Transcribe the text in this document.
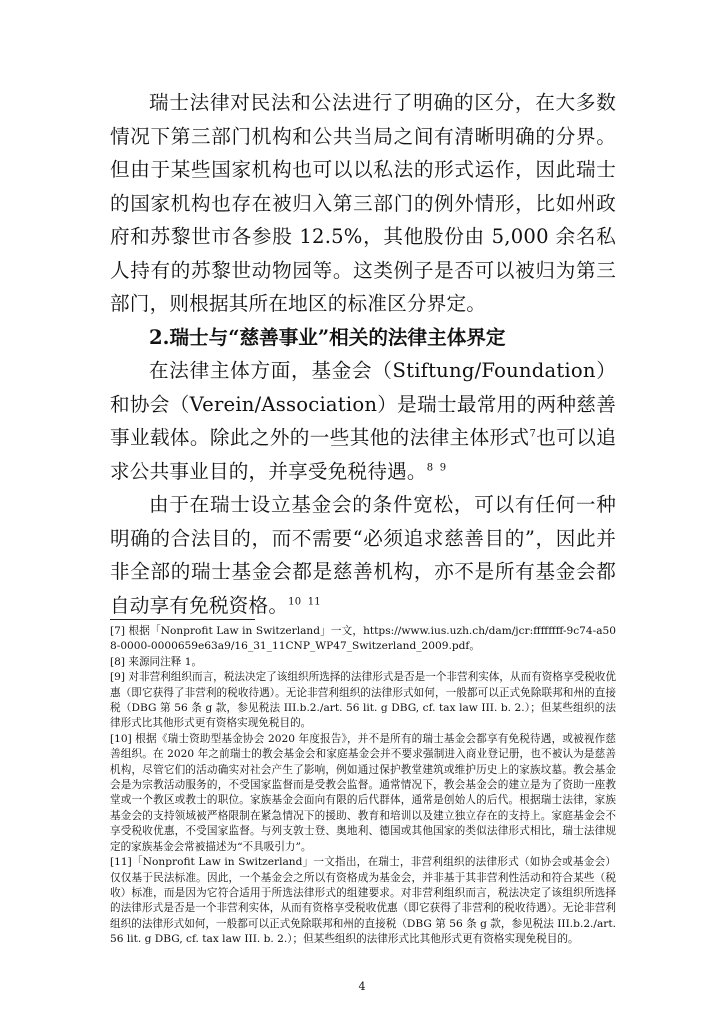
瑞士法律对民法和公法进行了明确的区分，在大多数情况下第三部门机构和公共当局之间有清晰明确的分界。但由于某些国家机构也可以以私法的形式运作，因此瑞士的国家机构也存在被归入第三部门的例外情形，比如州政府和苏黎世市各参股 12.5%，其他股份由 5,000 余名私人持有的苏黎世动物园等。这类例子是否可以被归为第三部门，则根据其所在地区的标准区分界定。

2.瑞士与“慈善事业”相关的法律主体界定

在法律主体方面，基金会（Stiftung/Foundation）和协会（Verein/Association）是瑞士最常用的两种慈善事业载体。除此之外的一些其他的法律主体形式$^7$也可以追求公共事业目的，并享受免税待遇。$^8$ $^9$

由于在瑞士设立基金会的条件宽松，可以有任何一种明确的合法目的，而不需要“必须追求慈善目的”，因此并非全部的瑞士基金会都是慈善机构，亦不是所有基金会都自动享有免税资格。$^{10}$ $^{11}$

[7] 根据「Nonprofit Law in Switzerland」一文，https://www.ius.uzh.ch/dam/jcr:ffffffff-9c74-a508-0000-0000659e63a9/16_31_11CNP_WP47_Switzerland_2009.pdf。

[8] 来源同注释 1。

[9] 对非营利组织而言，税法决定了该组织所选择的法律形式是否是一个非营利实体，从而有资格享受税收优惠（即它获得了非营利的税收待遇）。无论非营利组织的法律形式如何，一般都可以正式免除联邦和州的直接税（DBG 第 56 条 g 款，参见税法 III.b.2./art. 56 lit. g DBG, cf. tax law III. b. 2.）；但某些组织的法律形式比其他形式更有资格实现免税目的。

[10] 根据《瑞士资助型基金协会 2020 年度报告》，并不是所有的瑞士基金会都享有免税待遇，或被视作慈善组织。在 2020 年之前瑞士的教会基金会和家庭基金会并不要求强制进入商业登记册，也不被认为是慈善机构，尽管它们的活动确实对社会产生了影响，例如通过保护教堂建筑或维护历史上的家族坟墓。教会基金会是为宗教活动服务的，不受国家监督而是受教会监督。通常情况下，教会基金会的建立是为了资助一座教堂或一个教区或教士的职位。家族基金会面向有限的后代群体，通常是创始人的后代。根据瑞士法律，家族基金会的支持领域被严格限制在紧急情况下的援助、教育和培训以及建立独立存在的支持上。家庭基金会不享受税收优惠，不受国家监督。与列支敦士登、奥地利、德国或其他国家的类似法律形式相比，瑞士法律规定的家族基金会常被描述为“不具吸引力”。

[11]「Nonprofit Law in Switzerland」一文指出，在瑞士，非营利组织的法律形式（如协会或基金会）仅仅基于民法标准。因此，一个基金会之所以有资格成为基金会，并非基于其非营利性活动和符合某些（税收）标准，而是因为它符合适用于所选法律形式的组建要求。对非营利组织而言，税法决定了该组织所选择的法律形式是否是一个非营利实体，从而有资格享受税收优惠（即它获得了非营利的税收待遇）。无论非营利组织的法律形式如何，一般都可以正式免除联邦和州的直接税（DBG 第 56 条 g 款，参见税法 III.b.2./art. 56 lit. g DBG, cf. tax law III. b. 2.）；但某些组织的法律形式比其他形式更有资格实现免税目的。

4
